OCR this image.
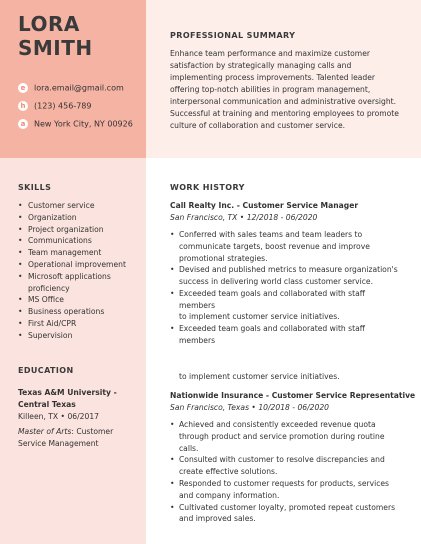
LORA
SMITH
e lora.email@gmail.com
h (123) 456-789
a New York City, NY 00926
PROFESSIONAL SUMMARY
Enhance team performance and maximize customer satisfaction by strategically managing calls and implementing process improvements. Talented leader offering top-notch abilities in program management, interpersonal communication and administrative oversight. Successful at training and mentoring employees to promote culture of collaboration and customer service.
SKILLS
• Customer service
• Organization
• Project organization
• Communications
• Team management
• Operational improvement
• Microsoft applications proficiency
• MS Office
• Business operations
• First Aid/CPR
• Supervision
EDUCATION
Texas A&M University - Central Texas
Killeen, TX • 06/2017
Master of Arts: Customer Service Management
WORK HISTORY
Call Realty Inc. - Customer Service Manager
San Francisco, TX • 12/2018 - 06/2020
• Conferred with sales teams and team leaders to communicate targets, boost revenue and improve promotional strategies.
• Devised and published metrics to measure organization's success in delivering world class customer service.
• Exceeded team goals and collaborated with staff members
to implement customer service initiatives.
• Exceeded team goals and collaborated with staff members
to implement customer service initiatives.
Nationwide Insurance - Customer Service Representative
San Francisco, Texas • 10/2018 - 06/2020
• Achieved and consistently exceeded revenue quota through product and service promotion during routine calls.
• Consulted with customer to resolve discrepancies and create effective solutions.
• Responded to customer requests for products, services and company information.
• Cultivated customer loyalty, promoted repeat customers and improved sales.
